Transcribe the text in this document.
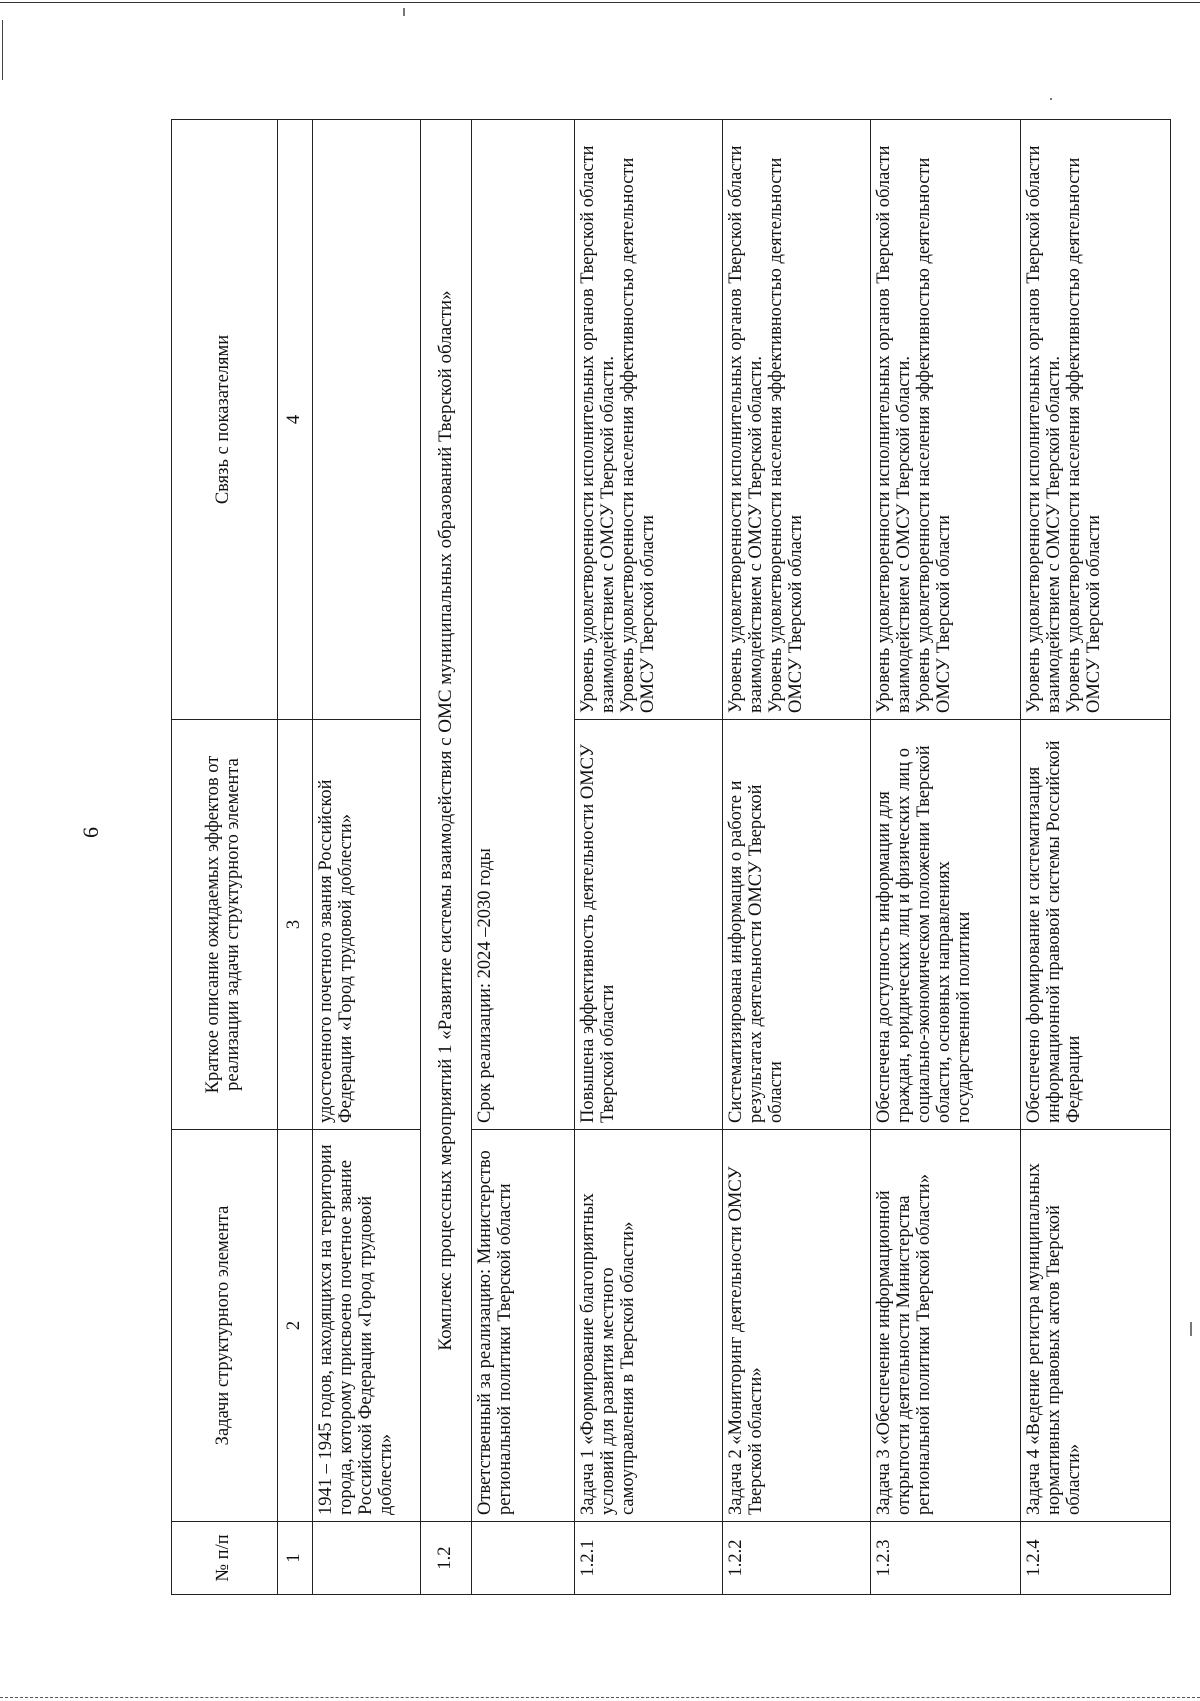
6
№ п/п	Задачи структурного элемента	Краткое описание ожидаемых эффектов от реализации задачи структурного элемента	Связь с показателями
1	2	3	4
	1941 – 1945 годов, находящихся на территории города, которому присвоено почетное звание Российской Федерации «Город трудовой доблести»	удостоенного почетного звания Российской Федерации «Город трудовой доблести»	
1.2	Комплекс процессных мероприятий 1 «Развитие системы взаимодействия с ОМС муниципальных образований Тверской области»		
	Ответственный за реализацию: Министерство региональной политики Тверской области	Срок реализации: 2024 –2030 годы	
1.2.1	Задача 1 «Формирование благоприятных условий для развития местного самоуправления в Тверской области»	Повышена эффективность деятельности ОМСУ Тверской области	Уровень удовлетворенности исполнительных органов Тверской области взаимодействием с ОМСУ Тверской области. Уровень удовлетворенности населения эффективностью деятельности ОМСУ Тверской области

1.2.2	Задача 2 «Мониторинг деятельности ОМСУ Тверской области»	Систематизирована информация о работе и результатах деятельности ОМСУ Тверской области	Уровень удовлетворенности исполнительных органов Тверской области взаимодействием с ОМСУ Тверской области. Уровень удовлетворенности населения эффективностью деятельности ОМСУ Тверской области

1.2.3	Задача 3 «Обеспечение информационной открытости деятельности Министерства региональной политики Тверской области»	Обеспечена доступность информации для граждан, юридических лиц и физических лиц о социально-экономическом положении Тверской области, основных направлениях государственной политики	Уровень удовлетворенности исполнительных органов Тверской области взаимодействием с ОМСУ Тверской области. Уровень удовлетворенности населения эффективностью деятельности ОМСУ Тверской области

1.2.4	Задача 4 «Ведение регистра муниципальных нормативных правовых актов Тверской области»	Обеспечено формирование и систематизация информационной правовой системы Российской Федерации	Уровень удовлетворенности исполнительных органов Тверской области взаимодействием с ОМСУ Тверской области. Уровень удовлетворенности населения эффективностью деятельности ОМСУ Тверской области
